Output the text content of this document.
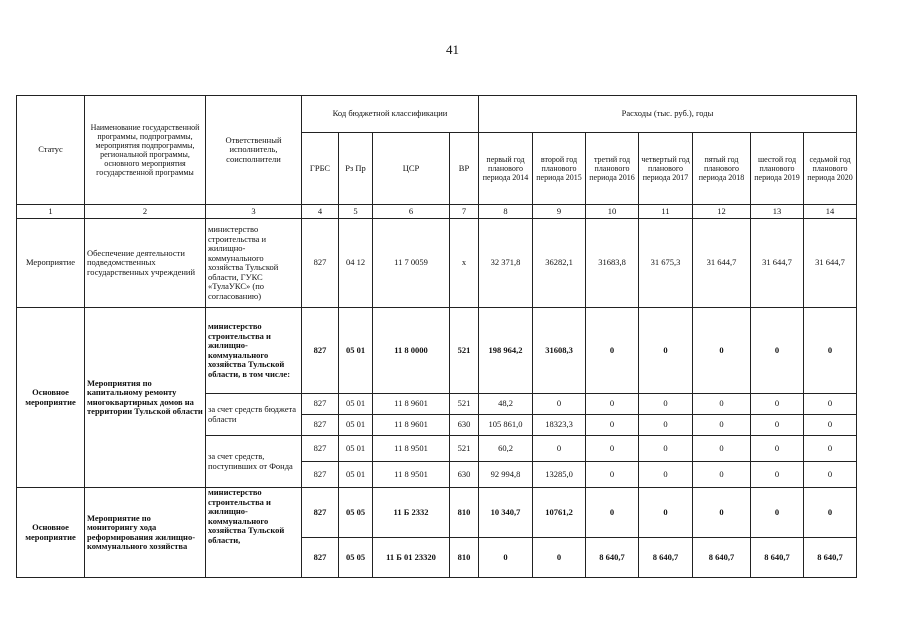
41
Статус	Наименование государственной программы, подпрограммы, мероприятия подпрограммы, региональной программы, основного мероприятия государственной программы	Ответственный исполнитель, соисполнители	Код бюджетной классификации				Расходы (тыс. руб.), годы						
			ГРБС	Рз Пр	ЦСР	ВР	первый год планового периода 2014	второй год планового периода 2015	третий год планового периода 2016	четвертый год планового периода 2017	пятый год планового периода 2018	шестой год планового периода 2019	седьмой год планового периода 2020
1	2	3	4	5	6	7	8	9	10	11	12	13	14
Мероприятие	Обеспечение деятельности подведомственных государственных учреждений	министерство строительства и жилищно-коммунального хозяйства Тульской области, ГУКС «ТулаУКС» (по согласованию)	827	04 12	11 7 0059	x	32 371,8	36282,1	31683,8	31 675,3	31 644,7	31 644,7	31 644,7
Основное мероприятие	Мероприятия по капитальному ремонту многоквартирных домов на территории Тульской области	министерство строительства и жилищно-коммунального хозяйства Тульской области, в том числе:	827	05 01	11 8 0000	521	198 964,2	31608,3	0	0	0	0	0
		за счет средств бюджета области	827	05 01	11 8 9601	521	48,2	0	0	0	0	0	0
			827	05 01	11 8 9601	630	105 861,0	18323,3	0	0	0	0	0
		за счет средств, поступивших от Фонда	827	05 01	11 8 9501	521	60,2	0	0	0	0	0	0
			827	05 01	11 8 9501	630	92 994,8	13285,0	0	0	0	0	0
Основное мероприятие	Мероприятие по мониторингу хода реформирования жилищно-коммунального хозяйства	министерство строительства и жилищно-коммунального хозяйства Тульской области,	827	05 05	11 Б 2332	810	10 340,7	10761,2	0	0	0	0	0
			827	05 05	11 Б 01 23320	810	0	0	8 640,7	8 640,7	8 640,7	8 640,7	8 640,7
